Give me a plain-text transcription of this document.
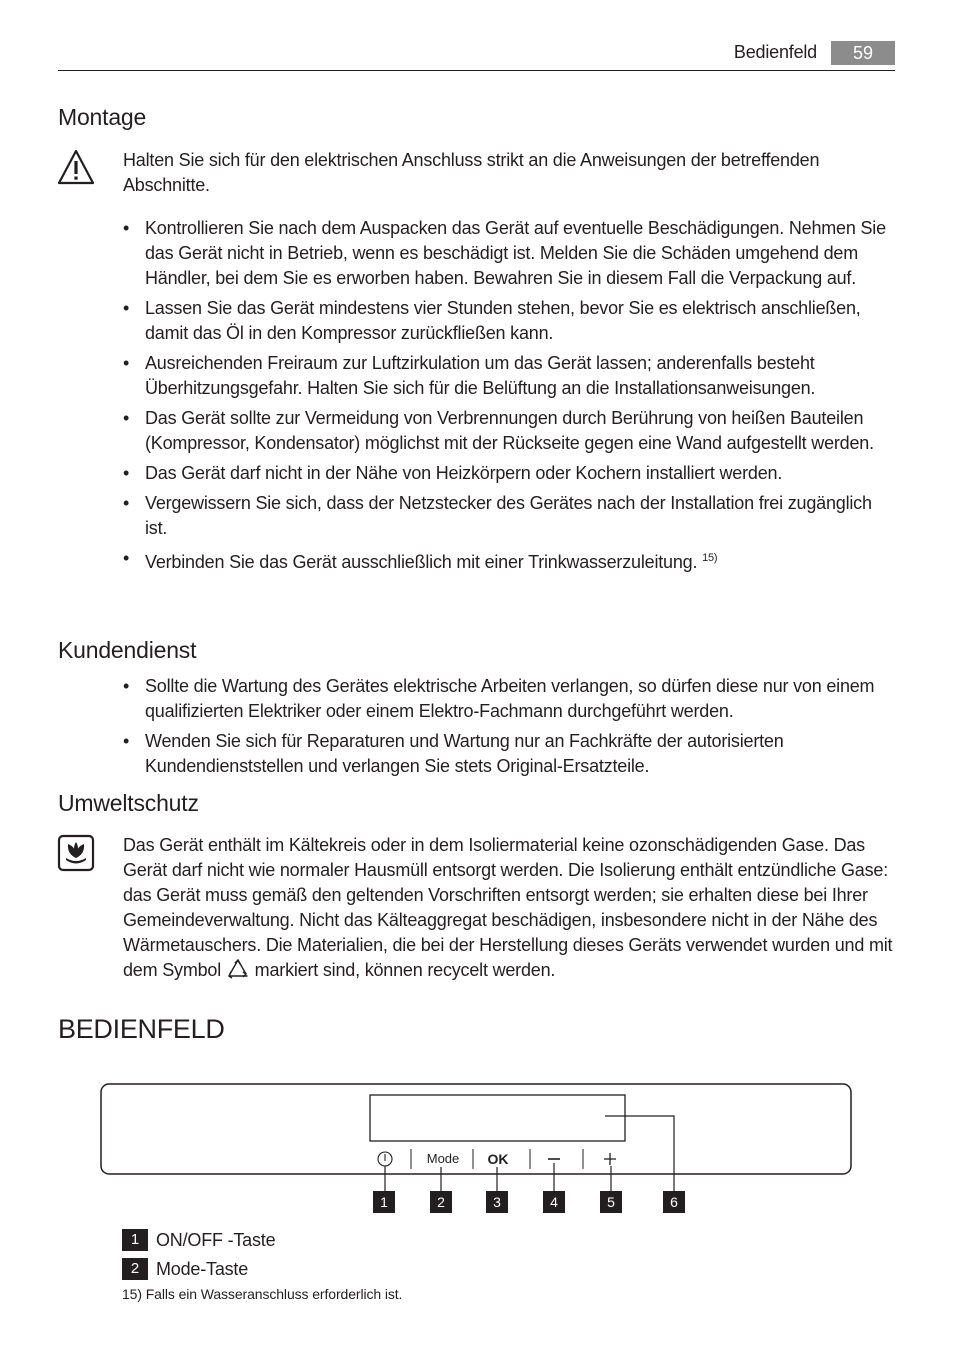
Bedienfeld	59
Montage

Halten Sie sich für den elektrischen Anschluss strikt an die Anweisungen der betreffenden Abschnitte.

• Kontrollieren Sie nach dem Auspacken das Gerät auf eventuelle Beschädigungen. Nehmen Sie das Gerät nicht in Betrieb, wenn es beschädigt ist. Melden Sie die Schäden umgehend dem Händler, bei dem Sie es erworben haben. Bewahren Sie in diesem Fall die Verpackung auf.
• Lassen Sie das Gerät mindestens vier Stunden stehen, bevor Sie es elektrisch anschließen, damit das Öl in den Kompressor zurückfließen kann.
• Ausreichenden Freiraum zur Luftzirkulation um das Gerät lassen; anderenfalls besteht Überhitzungsgefahr. Halten Sie sich für die Belüftung an die Installationsanweisungen.
• Das Gerät sollte zur Vermeidung von Verbrennungen durch Berührung von heißen Bauteilen (Kompressor, Kondensator) möglichst mit der Rückseite gegen eine Wand aufgestellt werden.
• Das Gerät darf nicht in der Nähe von Heizkörpern oder Kochern installiert werden.
• Vergewissern Sie sich, dass der Netzstecker des Gerätes nach der Installation frei zugänglich ist.
• Verbinden Sie das Gerät ausschließlich mit einer Trinkwasserzuleitung. $^{15)}$
Kundendienst
• Sollte die Wartung des Gerätes elektrische Arbeiten verlangen, so dürfen diese nur von einem qualifizierten Elektriker oder einem Elektro-Fachmann durchgeführt werden.
• Wenden Sie sich für Reparaturen und Wartung nur an Fachkräfte der autorisierten Kundendienststellen und verlangen Sie stets Original-Ersatzteile.
Umweltschutz

Das Gerät enthält im Kältekreis oder in dem Isoliermaterial keine ozonschädigenden Gase. Das Gerät darf nicht wie normaler Hausmüll entsorgt werden. Die Isolierung enthält entzündliche Gase: das Gerät muss gemäß den geltenden Vorschriften entsorgt werden; sie erhalten diese bei Ihrer Gemeindeverwaltung. Nicht das Kälteaggregat beschädigen, insbesondere nicht in der Nähe des Wärmetauschers. Die Materialien, die bei der Herstellung dieses Geräts verwendet wurden und mit dem Symbol markiert sind, können recycelt werden.

BEDIENFELD
Mode OK
1	2	3	4	5	6
1 ON/OFF -Taste
2 Mode-Taste
15) Falls ein Wasseranschluss erforderlich ist.
